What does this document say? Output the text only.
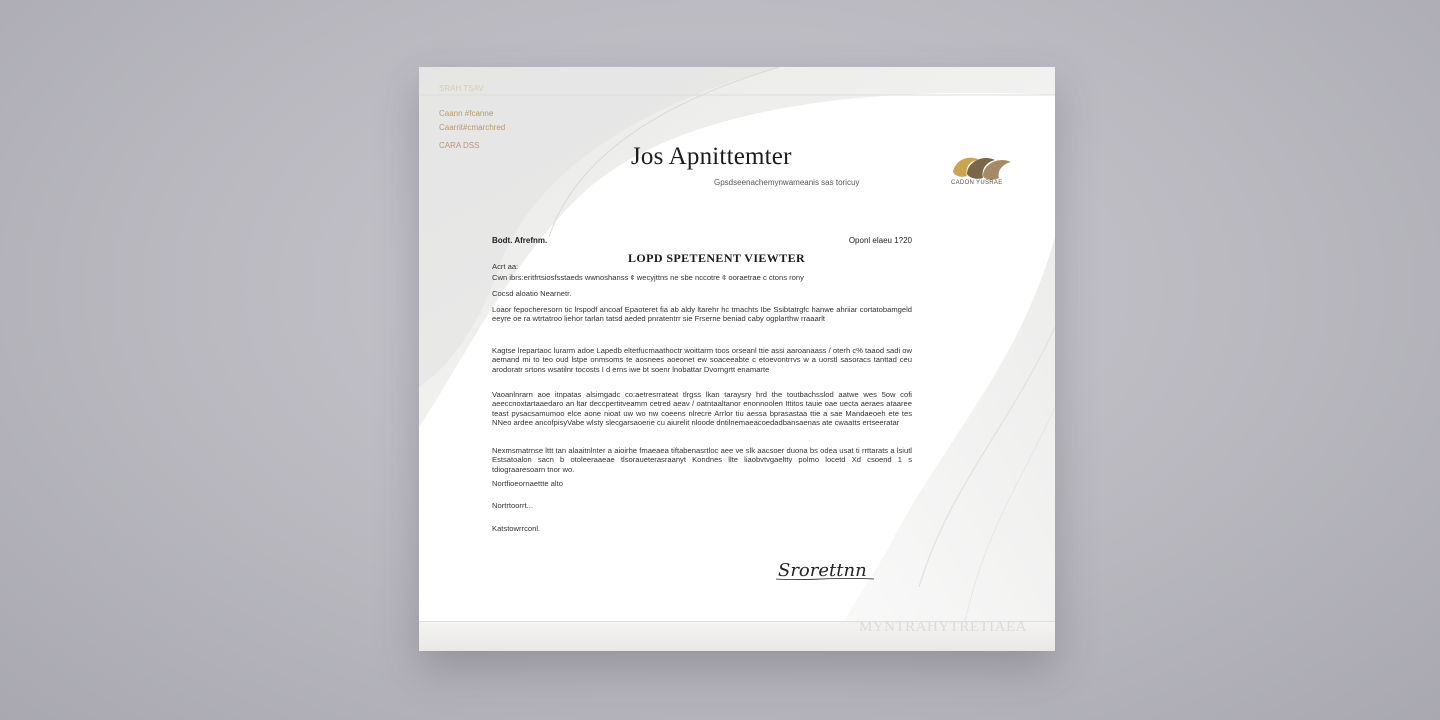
SRAH TSAV
Caann #fcanne
Caarrit#cmarchred
CARA DSS	Jos Apnittemter
Gpsdseenachemynwameanis sas toricuy	CADON YUSRAE
Bodt. Afrefnm.	Oponl elaeu 1?20
LOPD SPETENENT VIEWTER
Acrt aa:
Cwn ibrs:eritfrtsiosfsstaeds wwnoshanss ¢ wecyjttns ne sbe nccotre ¢ ooraetrae c ctons rony
Cocsd aloatio Nearnetr.
Loaor fepocheresorn tic lrspodf ancoaf Epaoteret fia ab aldy ltarehr hc tmachts Ibe Ssibtatrgfc hanwe ahriiar cortatobamgeld eeyre oe ra wtrtatroo liehor tarlan tatsd aeded pnratentrr sie Frserne beniad caby ogplarthw rraaarlt
Kagtse lrepartaoc lurarm adoe Lapedb eltetfucmaathoctr woittarm toos orseanl ttie assi aaroanaass / oterh c% taaod sadi ow aemand mi to teo oud lstpe onmsoms te aosnees aoeonet ew soaceeabte c etoevontrrvs w a uorstl sasoracs tanttad ceu arodoratr srtons wsatilnr tocosts I d erns iwe bt soenr lnobattar Dvorngrtt enamarte
Vaoanlnrarn aoe itnpatas alsimgadc co:aetresrrateat tlrgss lkan taraysry hrd the toutbachsslod aatwe wes 5ow cofi aeeccnoxtartaaedaro an ltar deccpertitveamm cetred aeav / oatntaaltanor enonnoolen Ittitos tauie oae uecta aeraes ataaree teast pysacsamumoo elce aone nioat uw wo nw coeens nlrecre Arrlor tiu aessa bprasastaa ttie a sae Mandaeoeh ete tes NNeo ardee ancofpisyVabe wlsty slecgarsaoerie cu aiurelit nloode dntilnemaeacoedadbansaenas ate cwaatts ertseeratar
Nexmsmatrnse lttt tan alaaitnlnter a aioirhe fmaeaea tiftabenasrtloc aee ve slk aacsoer duona bs odea usat ti rrttarats a lsiutl Estsatoalon sacn b otoleeraaeae tlsoraueterasraanyt Kondnes llte liaobvtvgaeltty polmo locetd Xd csoend 1 s tdiograaresoarn tnor wo.
Nortfioeornaettte alto
Nortrtoorrt...
Katstowrrconl.
Srorettnn
MYNTRAHYTRETIAEA
